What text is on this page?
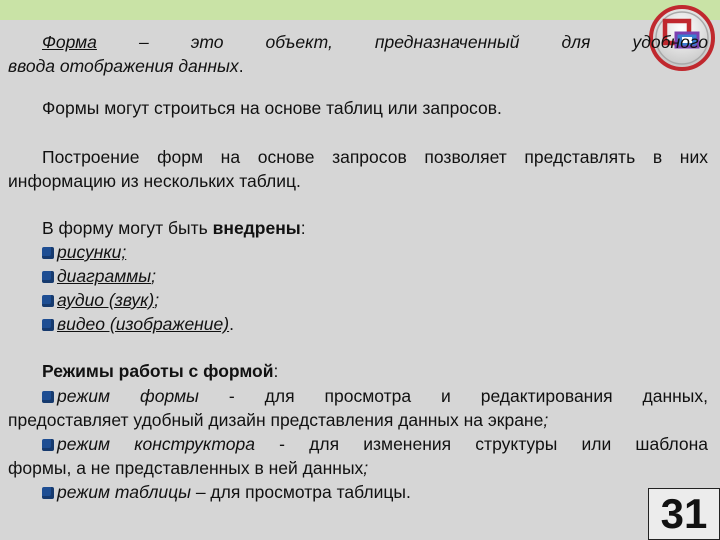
Форма – это объект, предназначенный для удобного
ввода отображения данных.
Формы могут строиться на основе таблиц или запросов.
Построение форм на основе запросов позволяет представлять в них
информацию из нескольких таблиц.
В форму могут быть внедрены:
рисунки;
диаграммы;
аудио (звук);
видео (изображение).
Режимы работы с формой:
режим формы - для просмотра и редактирования данных,
предоставляет удобный дизайн представления данных на экране;
режим конструктора - для изменения структуры или шаблона
формы, а не представленных в ней данных;
режим таблицы – для просмотра таблицы.	31
